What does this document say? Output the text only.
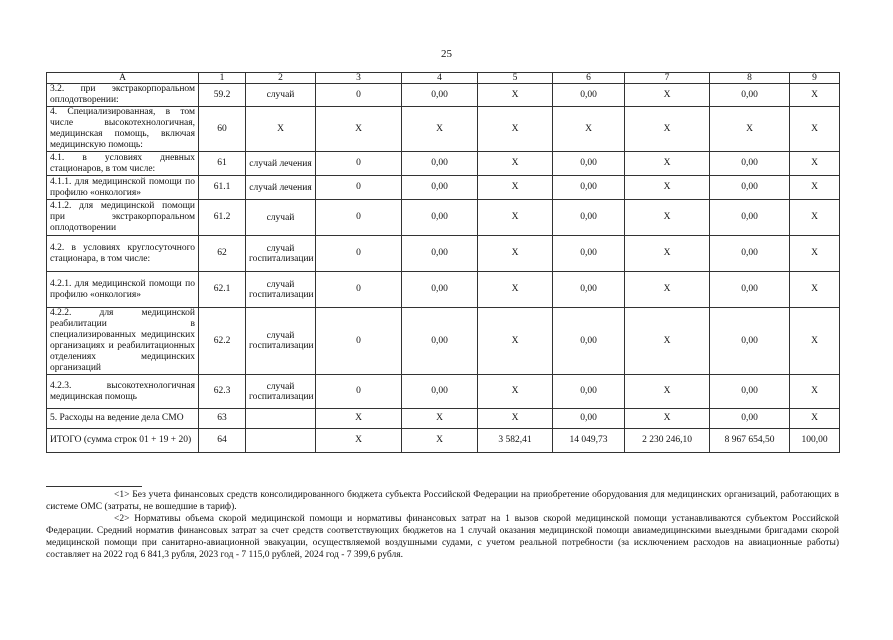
25
А	1	2	3	4	5	6	7	8	9
3.2. при экстракорпоральном оплодотворении:	59.2	случай	0	0,00	X	0,00	X	0,00	X
4. Специализированная, в том числе высокотехнологичная, медицинская помощь, включая медицинскую помощь:	60	X	X	X	X	X	X	X	X
4.1. в условиях дневных стационаров, в том числе:	61	случай лечения	0	0,00	X	0,00	X	0,00	X
4.1.1. для медицинской помощи по профилю «онкология»	61.1	случай лечения	0	0,00	X	0,00	X	0,00	X
4.1.2. для медицинской помощи при экстракорпоральном оплодотворении	61.2	случай	0	0,00	X	0,00	X	0,00	X
4.2. в условиях круглосуточного стационара, в том числе:	62	случай госпитализации	0	0,00	X	0,00	X	0,00	X
4.2.1. для медицинской помощи по профилю «онкология»	62.1	случай госпитализации	0	0,00	X	0,00	X	0,00	X
4.2.2. для медицинской реабилитации в специализированных медицинских организациях и реабилитационных отделениях медицинских организаций	62.2	случай госпитализации	0	0,00	X	0,00	X	0,00	X
4.2.3. высокотехнологичная медицинская помощь	62.3	случай госпитализации	0	0,00	X	0,00	X	0,00	X
5. Расходы на ведение дела СМО	63		X	X	X	0,00	X	0,00	X
ИТОГО (сумма строк 01 + 19 + 20)	64		X	X	3 582,41	14 049,73	2 230 246,10	8 967 654,50	100,00

<1> Без учета финансовых средств консолидированного бюджета субъекта Российской Федерации на приобретение оборудования для медицинских организаций, работающих в системе ОМС (затраты, не вошедшие в тариф).

<2> Нормативы объема скорой медицинской помощи и нормативы финансовых затрат на 1 вызов скорой медицинской помощи устанавливаются субъектом Российской Федерации. Средний норматив финансовых затрат за счет средств соответствующих бюджетов на 1 случай оказания медицинской помощи авиамедицинскими выездными бригадами скорой медицинской помощи при санитарно-авиационной эвакуации, осуществляемой воздушными судами, с учетом реальной потребности (за исключением расходов на авиационные работы) составляет на 2022 год 6 841,3 рубля, 2023 год - 7 115,0 рублей, 2024 год - 7 399,6 рубля.
